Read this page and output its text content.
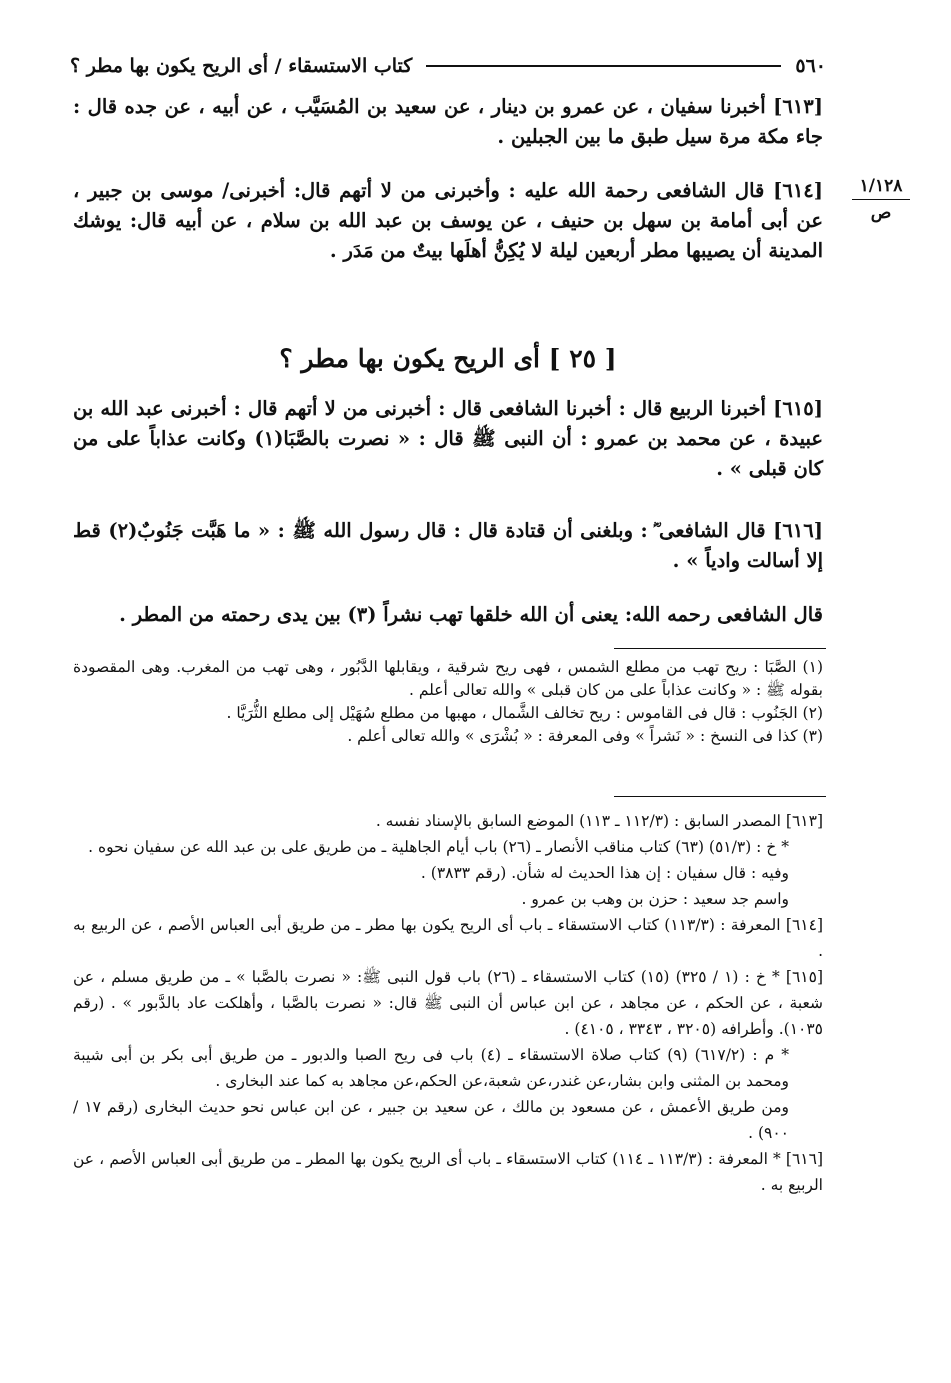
٥٦٠
كتاب الاستسقاء / أى الريح يكون بها مطر ؟
١/١٢٨
ص
[٦١٣] أخبرنا سفيان ، عن عمرو بن دينار ، عن سعيد بن المُسَيَّب ، عن أبيه ، عن جده قال : جاء مكة مرة سيل طبق ما بين الجبلين .
[٦١٤] قال الشافعى رحمة الله عليه : وأخبرنى من لا أتهم قال: أخبرنى/ موسى بن جبير ، عن أبى أمامة بن سهل بن حنيف ، عن يوسف بن عبد الله بن سلام ، عن أبيه قال: يوشك المدينة أن يصيبها مطر أربعين ليلة لا يُكِنُّ أهلَها بيتٌ من مَدَر .
[ ٢٥ ] أى الريح يكون بها مطر ؟
[٦١٥] أخبرنا الربيع قال : أخبرنا الشافعى قال : أخبرنى من لا أتهم قال : أخبرنى عبد الله بن عبيدة ، عن محمد بن عمرو : أن النبى ﷺ قال : « نصرت بالصَّبَا(١) وكانت عذاباً على من كان قبلى » .
[٦١٦] قال الشافعى ؓ : وبلغنى أن قتادة قال : قال رسول الله ﷺ : « ما هَبَّت جَنُوبٌ(٢) قط إلا أسالت وادياً » .
قال الشافعى رحمه الله: يعنى أن الله خلقها تهب نشراً (٣) بين يدى رحمته من المطر .

(١) الصَّبَا : ريح تهب من مطلع الشمس ، فهى ريح شرقية ، ويقابلها الدَّبُور ، وهى تهب من المغرب. وهى المقصودة بقوله ﷺ : « وكانت عذاباً على من كان قبلى » والله تعالى أعلم .

(٢) الجَنُوب : قال فى القاموس : ريح تخالف الشَّمال ، مهبها من مطلع سُهَيْل إلى مطلع الثُّرَيَّا .

(٣) كذا فى النسخ : « نَشراً » وفى المعرفة : « بُشْرَى » والله تعالى أعلم .

[٦١٣] المصدر السابق : (١١٢/٣ ـ ١١٣) الموضع السابق بالإسناد نفسه .

* خ : (٥١/٣) (٦٣) كتاب مناقب الأنصار ـ (٢٦) باب أيام الجاهلية ـ من طريق على بن عبد الله عن سفيان نحوه .

وفيه : قال سفيان : إن هذا الحديث له شأن. (رقم ٣٨٣٣) .

واسم جد سعيد : حزن بن وهب بن عمرو .

[٦١٤] المعرفة : (١١٣/٣) كتاب الاستسقاء ـ باب أى الريح يكون بها مطر ـ من طريق أبى العباس الأصم ، عن الربيع به .

[٦١٥] * خ : (١ / ٣٢٥) (١٥) كتاب الاستسقاء ـ (٢٦) باب قول النبى ﷺ: « نصرت بالصَّبا » ـ من طريق مسلم ، عن شعبة ، عن الحكم ، عن مجاهد ، عن ابن عباس أن النبى ﷺ قال: « نصرت بالصَّبا ، وأهلكت عاد بالدَّبور » . (رقم ١٠٣٥). وأطرافه (٣٢٠٥ ، ٣٣٤٣ ، ٤١٠٥) .

* م : (٦١٧/٢) (٩) كتاب صلاة الاستسقاء ـ (٤) باب فى ريح الصبا والدبور ـ من طريق أبى بكر بن أبى شيبة ومحمد بن المثنى وابن بشار،عن غندر،عن شعبة،عن الحكم،عن مجاهد به كما عند البخارى .

ومن طريق الأعمش ، عن مسعود بن مالك ، عن سعيد بن جبير ، عن ابن عباس نحو حديث البخارى (رقم ١٧ / ٩٠٠) .

[٦١٦] * المعرفة : (١١٣/٣ ـ ١١٤) كتاب الاستسقاء ـ باب أى الريح يكون بها المطر ـ من طريق أبى العباس الأصم ، عن الربيع به .
